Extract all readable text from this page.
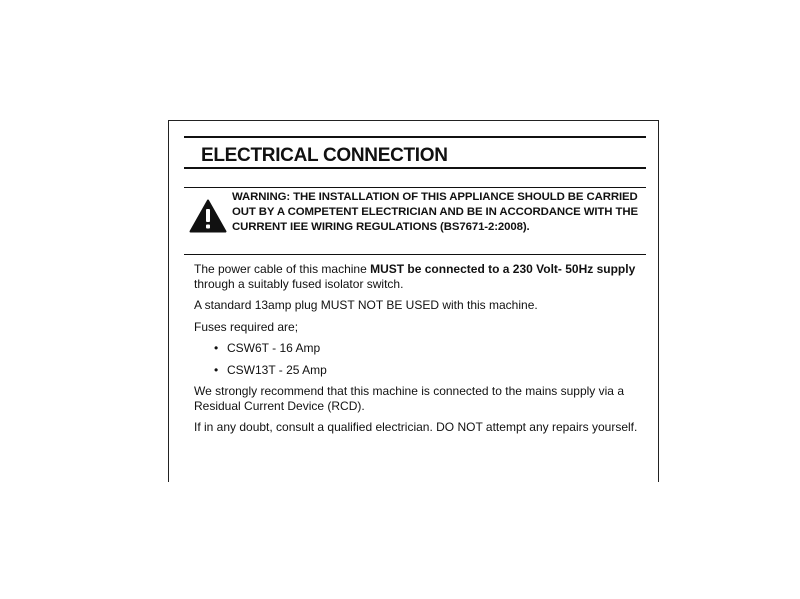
ELECTRICAL CONNECTION

WARNING: THE INSTALLATION OF THIS APPLIANCE SHOULD BE CARRIED OUT BY A COMPETENT ELECTRICIAN AND BE IN ACCORDANCE WITH THE CURRENT IEE WIRING REGULATIONS (BS7671-2:2008).

The power cable of this machine MUST be connected to a 230 Volt- 50Hz supply through a suitably fused isolator switch.

A standard 13amp plug MUST NOT BE USED with this machine.

Fuses required are;

• CSW6T - 16 Amp
• CSW13T - 25 Amp

We strongly recommend that this machine is connected to the mains supply via a Residual Current Device (RCD).

If in any doubt, consult a qualified electrician. DO NOT attempt any repairs yourself.
